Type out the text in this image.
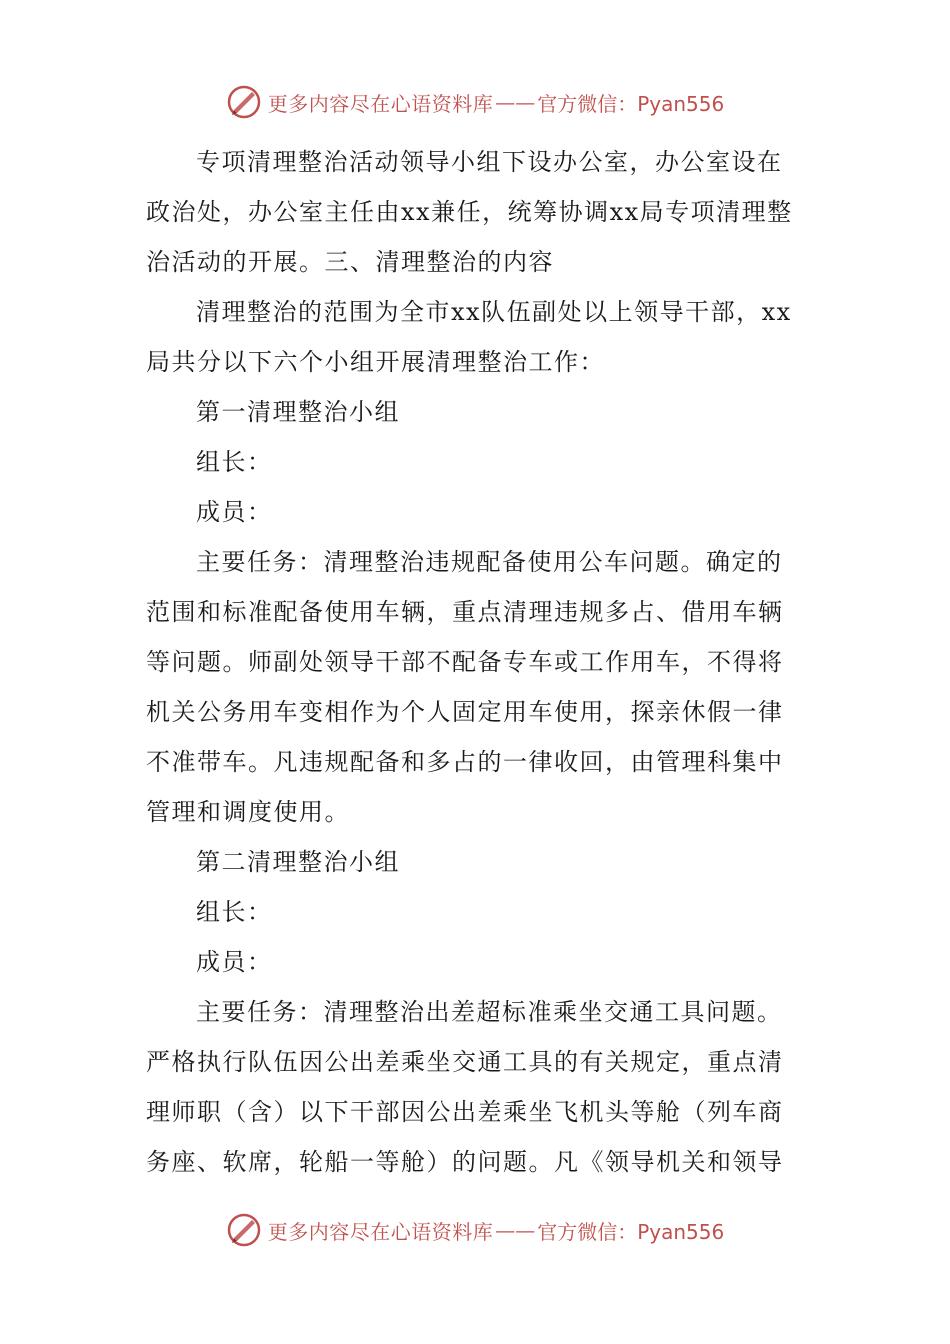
更多内容尽在心语资料库 —— 官方微信：Pyan556
专项清理整治活动领导小组下设办公室，办公室设在
政治处，办公室主任由xx兼任，统筹协调xx局专项清理整
治活动的开展。三、清理整治的内容
清理整治的范围为全市xx队伍副处以上领导干部，xx
局共分以下六个小组开展清理整治工作：
第一清理整治小组
组长：
成员：
主要任务：清理整治违规配备使用公车问题。确定的
范围和标准配备使用车辆，重点清理违规多占、借用车辆
等问题。师副处领导干部不配备专车或工作用车，不得将
机关公务用车变相作为个人固定用车使用，探亲休假一律
不准带车。凡违规配备和多占的一律收回，由管理科集中
管理和调度使用。
第二清理整治小组
组长：
成员：
主要任务：清理整治出差超标准乘坐交通工具问题。
严格执行队伍因公出差乘坐交通工具的有关规定，重点清
理师职（含）以下干部因公出差乘坐飞机头等舱（列车商
务座、软席，轮船一等舱）的问题。凡《领导机关和领导
更多内容尽在心语资料库 —— 官方微信：Pyan556
